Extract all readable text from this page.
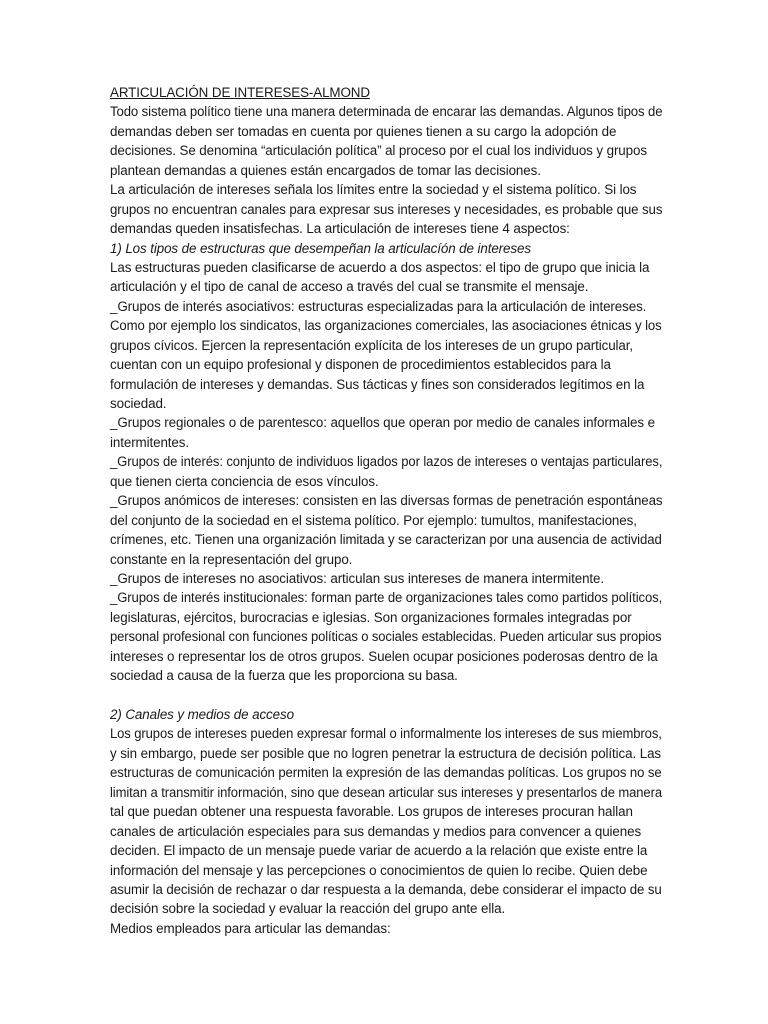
ARTICULACIÓN DE INTERESES-ALMOND
Todo sistema político tiene una manera determinada de encarar las demandas. Algunos tipos de
demandas deben ser tomadas en cuenta por quienes tienen a su cargo la adopción de
decisiones. Se denomina “articulación política” al proceso por el cual los individuos y grupos
plantean demandas a quienes están encargados de tomar las decisiones.
La articulación de intereses señala los límites entre la sociedad y el sistema político. Si los
grupos no encuentran canales para expresar sus intereses y necesidades, es probable que sus
demandas queden insatisfechas. La articulación de intereses tiene 4 aspectos:
1) Los tipos de estructuras que desempeñan la articulacíón de intereses
Las estructuras pueden clasificarse de acuerdo a dos aspectos: el tipo de grupo que inicia la
articulación y el tipo de canal de acceso a través del cual se transmite el mensaje.
_Grupos de interés asociativos: estructuras especializadas para la articulación de intereses.
Como por ejemplo los sindicatos, las organizaciones comerciales, las asociaciones étnicas y los
grupos cívicos. Ejercen la representación explícita de los intereses de un grupo particular,
cuentan con un equipo profesional y disponen de procedimientos establecidos para la
formulación de intereses y demandas. Sus tácticas y fines son considerados legítimos en la
sociedad.
_Grupos regionales o de parentesco: aquellos que operan por medio de canales informales e
intermitentes.
_Grupos de interés: conjunto de individuos ligados por lazos de intereses o ventajas particulares,
que tienen cierta conciencia de esos vínculos.
_Grupos anómicos de intereses: consisten en las diversas formas de penetración espontáneas
del conjunto de la sociedad en el sistema político. Por ejemplo: tumultos, manifestaciones,
crímenes, etc. Tienen una organización limitada y se caracterizan por una ausencia de actividad
constante en la representación del grupo.
_Grupos de intereses no asociativos: articulan sus intereses de manera intermitente.
_Grupos de interés institucionales: forman parte de organizaciones tales como partidos políticos,
legislaturas, ejércitos, burocracias e iglesias. Son organizaciones formales integradas por
personal profesional con funciones políticas o sociales establecidas. Pueden articular sus propios
intereses o representar los de otros grupos. Suelen ocupar posiciones poderosas dentro de la
sociedad a causa de la fuerza que les proporciona su basa.
2) Canales y medios de acceso
Los grupos de intereses pueden expresar formal o informalmente los intereses de sus miembros,
y sin embargo, puede ser posible que no logren penetrar la estructura de decisión política. Las
estructuras de comunicación permiten la expresión de las demandas políticas. Los grupos no se
limitan a transmitir información, sino que desean articular sus intereses y presentarlos de manera
tal que puedan obtener una respuesta favorable. Los grupos de intereses procuran hallan
canales de articulación especiales para sus demandas y medios para convencer a quienes
deciden. El impacto de un mensaje puede variar de acuerdo a la relación que existe entre la
información del mensaje y las percepciones o conocimientos de quien lo recibe. Quien debe
asumir la decisión de rechazar o dar respuesta a la demanda, debe considerar el impacto de su
decisión sobre la sociedad y evaluar la reacción del grupo ante ella.
Medios empleados para articular las demandas:
